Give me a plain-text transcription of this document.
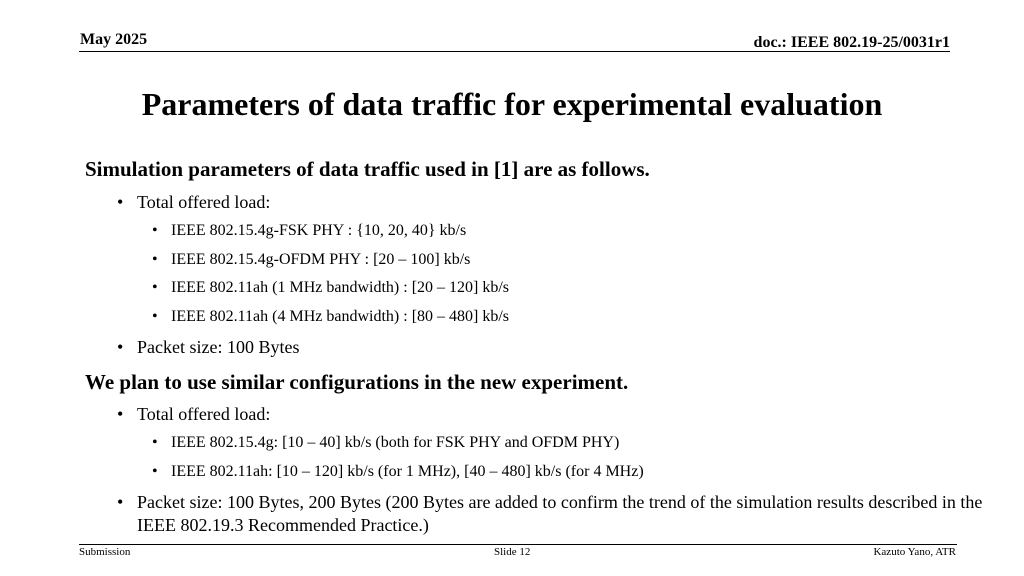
May 2025	doc.: IEEE 802.19-25/0031r1
Parameters of data traffic for experimental evaluation
Simulation parameters of data traffic used in [1] are as follows.
• Total offered load:
• IEEE 802.15.4g-FSK PHY : {10, 20, 40} kb/s
• IEEE 802.15.4g-OFDM PHY : [20 – 100] kb/s
• IEEE 802.11ah (1 MHz bandwidth) : [20 – 120] kb/s
• IEEE 802.11ah (4 MHz bandwidth) : [80 – 480] kb/s
• Packet size: 100 Bytes
We plan to use similar configurations in the new experiment.
• Total offered load:
• IEEE 802.15.4g: [10 – 40] kb/s (both for FSK PHY and OFDM PHY)
• IEEE 802.11ah: [10 – 120] kb/s (for 1 MHz), [40 – 480] kb/s (for 4 MHz)
• Packet size: 100 Bytes, 200 Bytes (200 Bytes are added to confirm the trend of the simulation results described in the IEEE 802.19.3 Recommended Practice.)
Submission	Slide 12	Kazuto Yano, ATR
